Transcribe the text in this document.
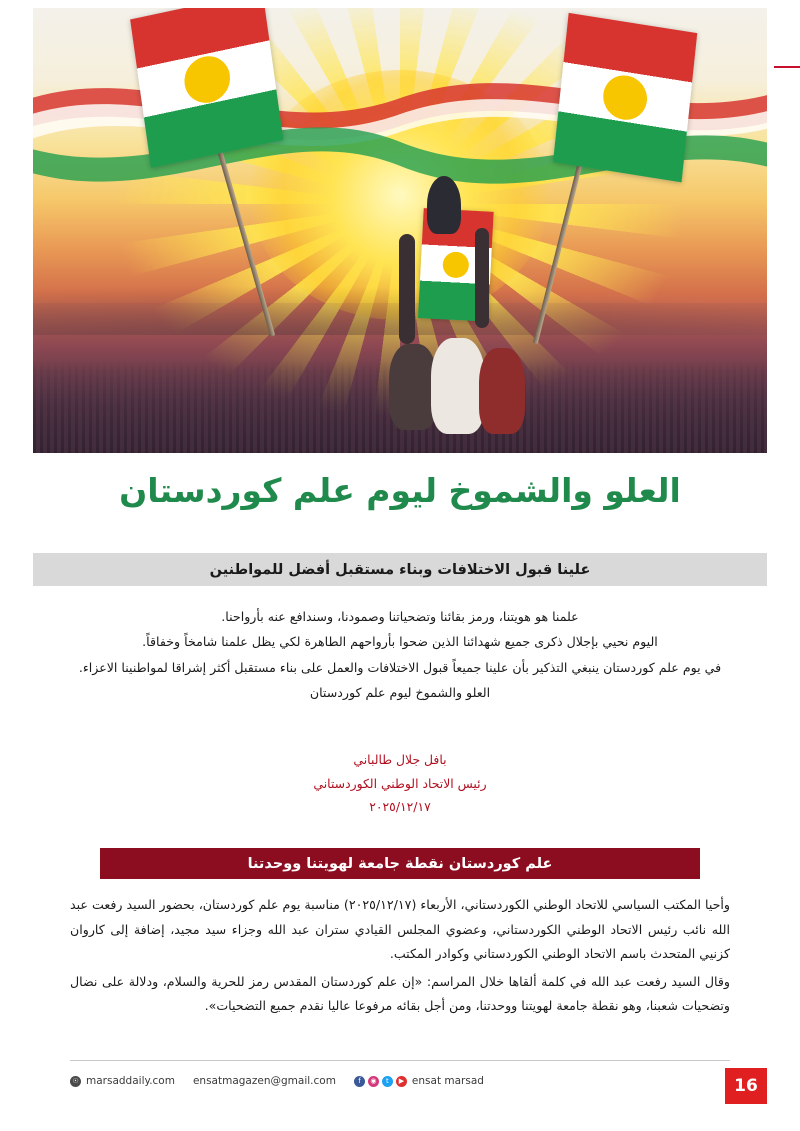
العلو والشموخ ليوم علم كوردستان
علينا قبول الاختلافات وبناء مستقبل أفضل للمواطنين

علمنا هو هويتنا، ورمز بقائنا وتضحياتنا وصمودنا، وسندافع عنه بأرواحنا.

اليوم نحيي بإجلال ذكرى جميع شهدائنا الذين ضحوا بأرواحهم الطاهرة لكي يظل علمنا شامخاً وخفاقاً.

في يوم علم كوردستان ينبغي التذكير بأن علينا جميعاً قبول الاختلافات والعمل على بناء مستقبل أكثر إشراقا لمواطنينا الاعزاء.

العلو والشموخ ليوم علم كوردستان

بافل جلال طالباني
رئيس الاتحاد الوطني الكوردستاني
٢٠٢٥/١٢/١٧
علم كوردستان نقطة جامعة لهويتنا ووحدتنا

وأحيا المكتب السياسي للاتحاد الوطني الكوردستاني، الأربعاء (٢٠٢٥/١٢/١٧) مناسبة يوم علم كوردستان، بحضور السيد رفعت عبد الله نائب رئيس الاتحاد الوطني الكوردستاني، وعضوي المجلس القيادي ستران عبد الله وجزاء سيد مجيد، إضافة إلى كاروان كزنيي المتحدث باسم الاتحاد الوطني الكوردستاني وكوادر المكتب.

وقال السيد رفعت عبد الله في كلمة ألقاها خلال المراسم: «إن علم كوردستان المقدس رمز للحرية والسلام، ودلالة على نضال وتضحيات شعبنا، وهو نقطة جامعة لهويتنا ووحدتنا، ومن أجل بقائه مرفوعا عاليا نقدم جميع التضحيات».

☉ marsaddaily.com ensatmagazen@gmail.com	f	◉	t	▶ ensat marsad	16
